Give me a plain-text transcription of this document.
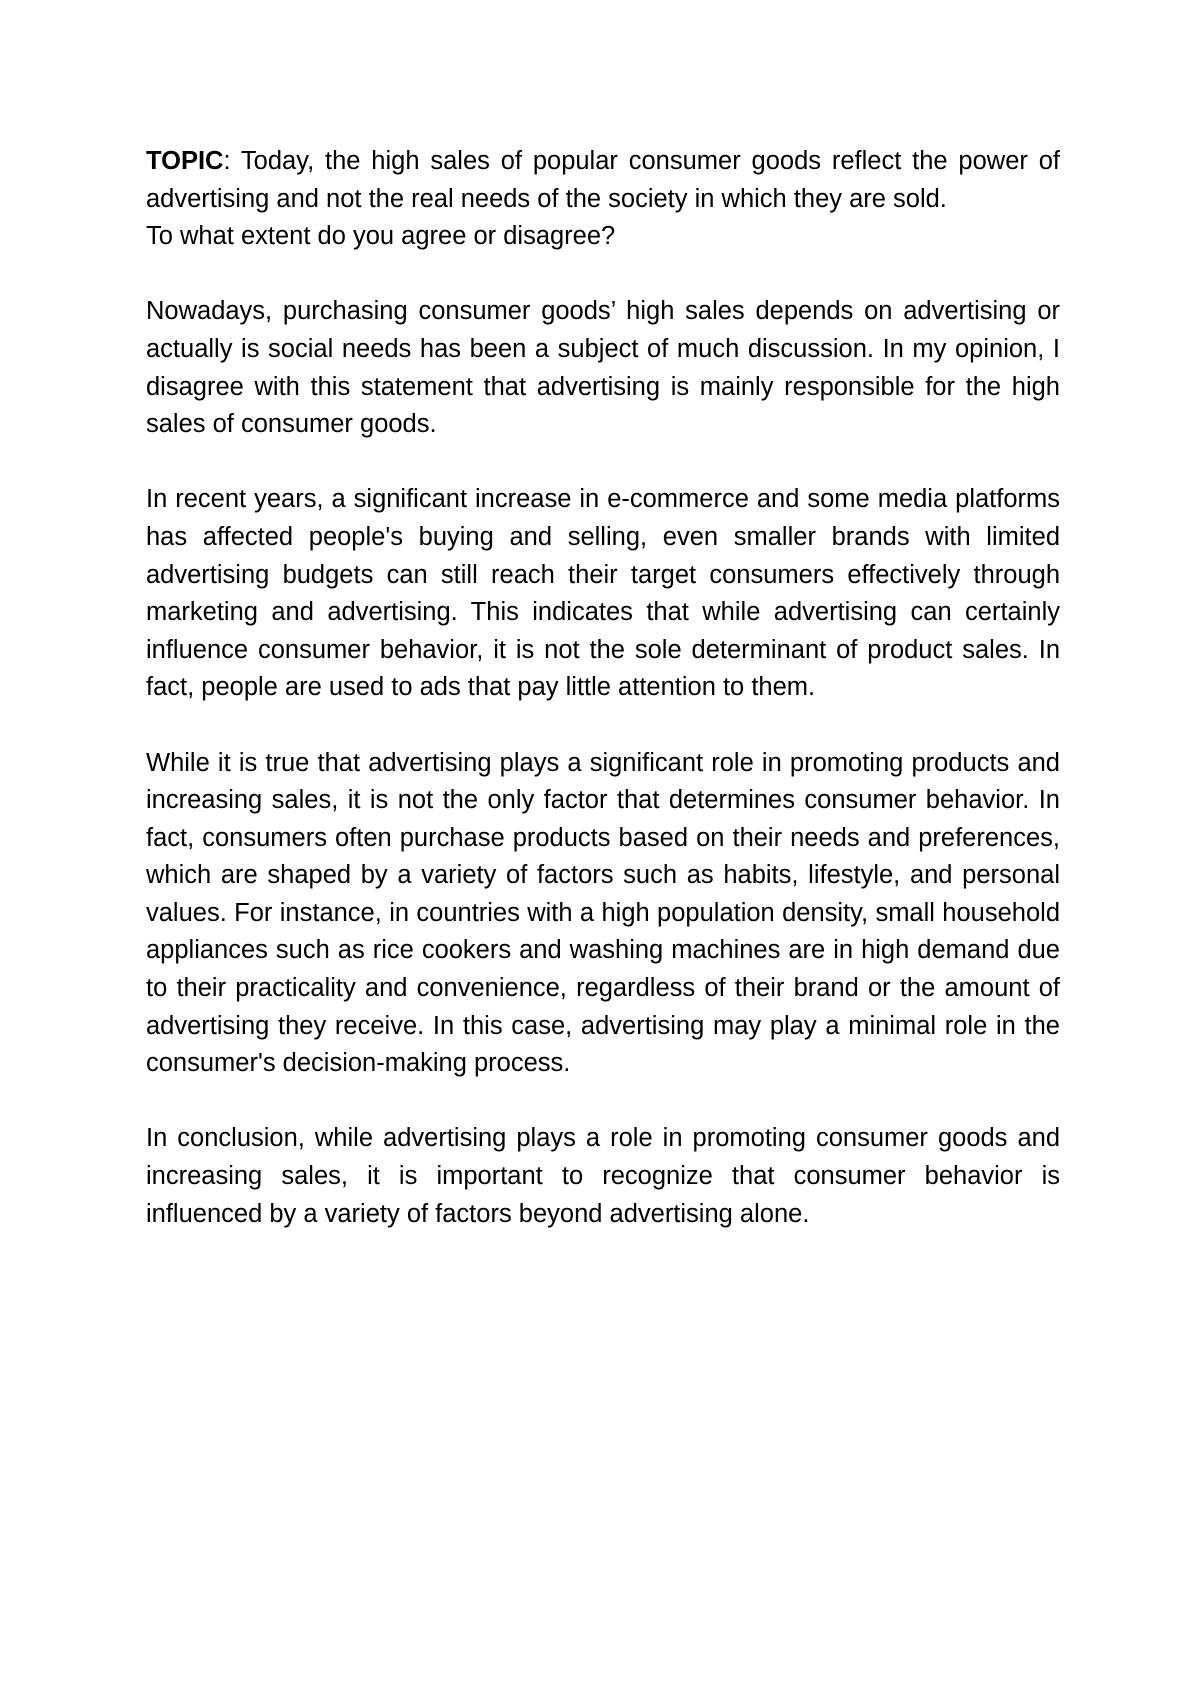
TOPIC: Today, the high sales of popular consumer goods reflect the power of advertising and not the real needs of the society in which they are sold.

To what extent do you agree or disagree?

Nowadays, purchasing consumer goods’ high sales depends on advertising or actually is social needs has been a subject of much discussion. In my opinion, I disagree with this statement that advertising is mainly responsible for the high sales of consumer goods.

In recent years, a significant increase in e-commerce and some media platforms has affected people's buying and selling, even smaller brands with limited advertising budgets can still reach their target consumers effectively through marketing and advertising. This indicates that while advertising can certainly influence consumer behavior, it is not the sole determinant of product sales. In fact, people are used to ads that pay little attention to them.

While it is true that advertising plays a significant role in promoting products and increasing sales, it is not the only factor that determines consumer behavior. In fact, consumers often purchase products based on their needs and preferences, which are shaped by a variety of factors such as habits, lifestyle, and personal values. For instance, in countries with a high population density, small household appliances such as rice cookers and washing machines are in high demand due to their practicality and convenience, regardless of their brand or the amount of advertising they receive. In this case, advertising may play a minimal role in the consumer's decision-making process.

In conclusion, while advertising plays a role in promoting consumer goods and increasing sales, it is important to recognize that consumer behavior is influenced by a variety of factors beyond advertising alone.
